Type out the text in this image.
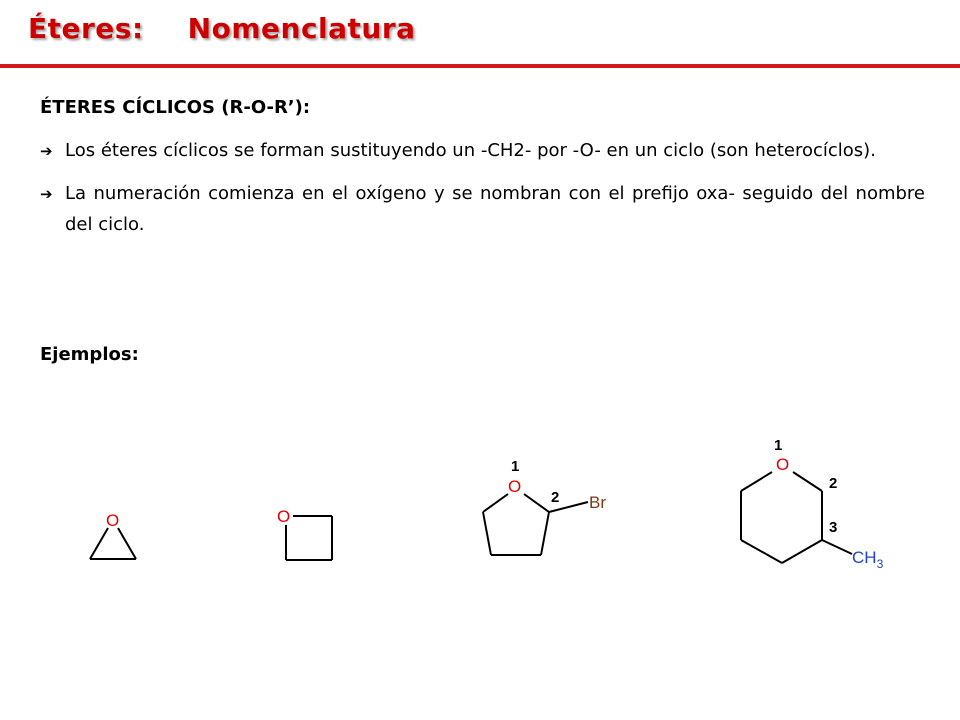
Éteres: Nomenclatura

ÉTERES CÍCLICOS (R-O-R’):

➔ Los éteres cíclicos se forman sustituyendo un -CH2- por -O- en un ciclo (son heterocíclos).

➔ La numeración comienza en el oxígeno y se nombran con el prefijo oxa- seguido del nombre del ciclo.

Ejemplos:
O	O
1
O
2 Br
1
O
2
3
$CH_3$
